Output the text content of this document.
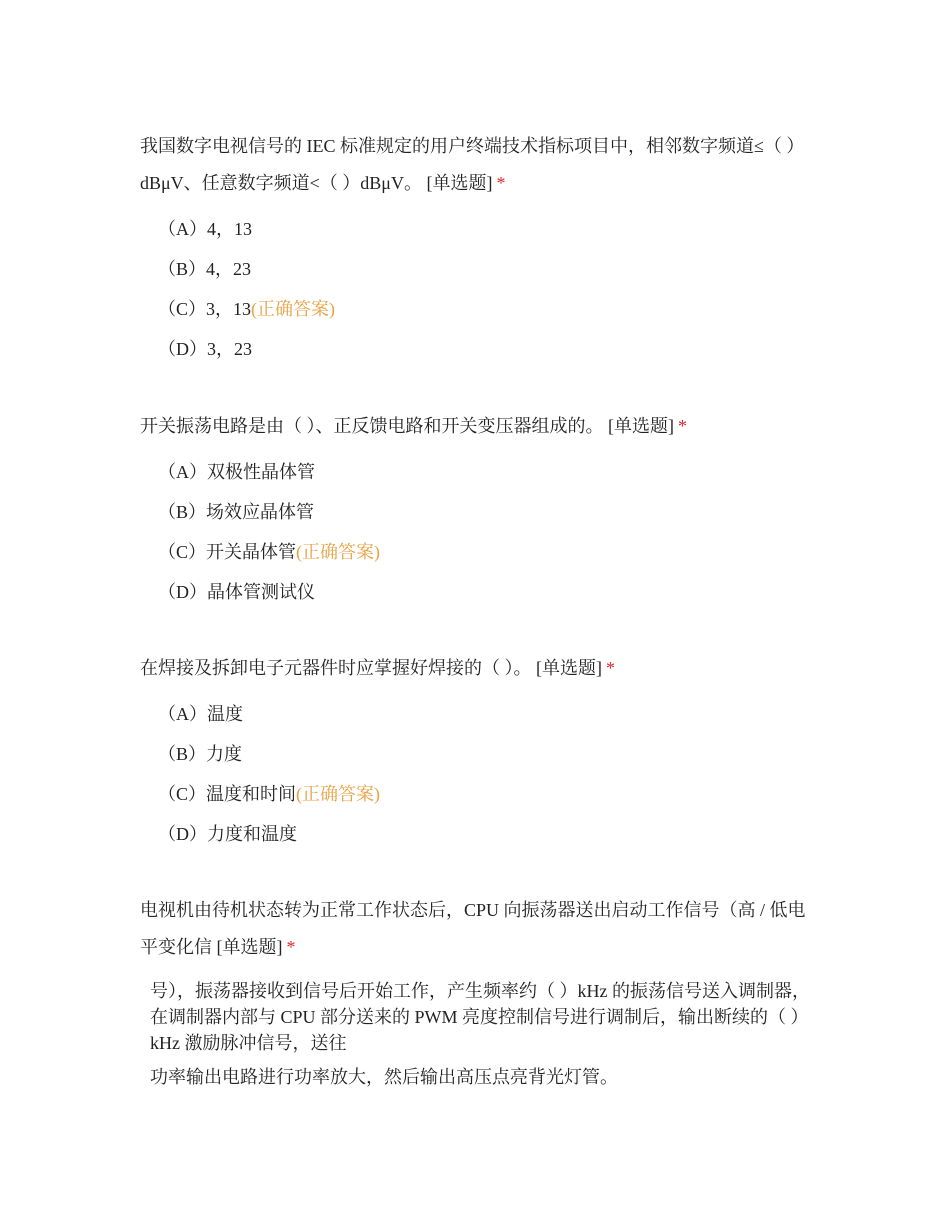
我国数字电视信号的 IEC 标准规定的用户终端技术指标项目中，相邻数字频道≤（ ）dBμV、任意数字频道<（ ）dBμV。 [单选题] *

（A）4，13
（B）4，23
（C）3，13(正确答案)
（D）3，23

开关振荡电路是由（ ）、正反馈电路和开关变压器组成的。 [单选题] *

（A）双极性晶体管
（B）场效应晶体管
（C）开关晶体管(正确答案)
（D）晶体管测试仪

在焊接及拆卸电子元器件时应掌握好焊接的（ ）。 [单选题] *

（A）温度
（B）力度
（C）温度和时间(正确答案)
（D）力度和温度

电视机由待机状态转为正常工作状态后，CPU 向振荡器送出启动工作信号（高 / 低电平变化信 [单选题] *

号），振荡器接收到信号后开始工作，产生频率约（ ）kHz 的振荡信号送入调制器，在调制器内部与 CPU 部分送来的 PWM 亮度控制信号进行调制后，输出断续的（ ）kHz 激励脉冲信号，送往

功率输出电路进行功率放大，然后输出高压点亮背光灯管。
